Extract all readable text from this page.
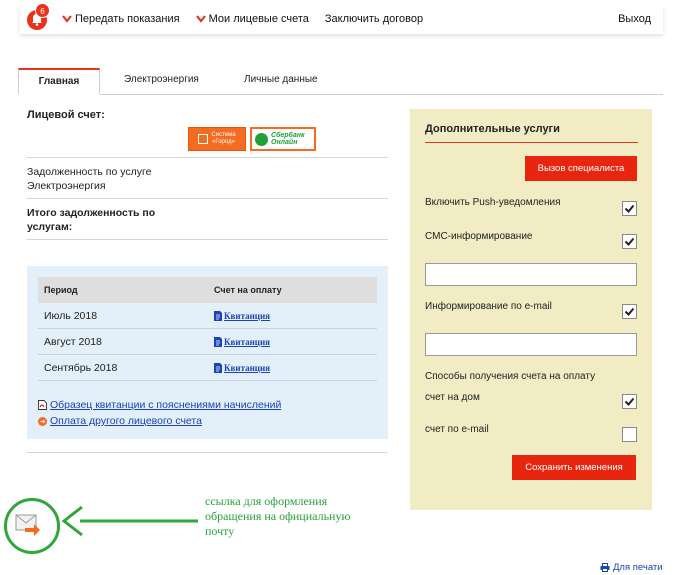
6
Передать показания	Мои лицевые счета Заключить договор	Выход
Главная	Электроэнергия	Личные данные
Лицевой счет:
Система
«Город»
Сбербанк
Онлайн
Задолженность по услуге
Электроэнергия
Итого задолженность по услугам:
Период	Счет на оплату
Июль 2018	Квитанция
Август 2018	Квитанция
Сентябрь 2018	Квитанция
Образец квитанции с пояснениями начислений
Оплата другого лицевого счета
Дополнительные услуги
Вызов специалиста
Включить Push-уведомления
СМС-информирование
Информирование по e-mail
Способы получения счета на оплату
счет на дом
счет по e-mail
Сохранить изменения
ссылка для оформления
обращения на официальную
почту
Для печати
